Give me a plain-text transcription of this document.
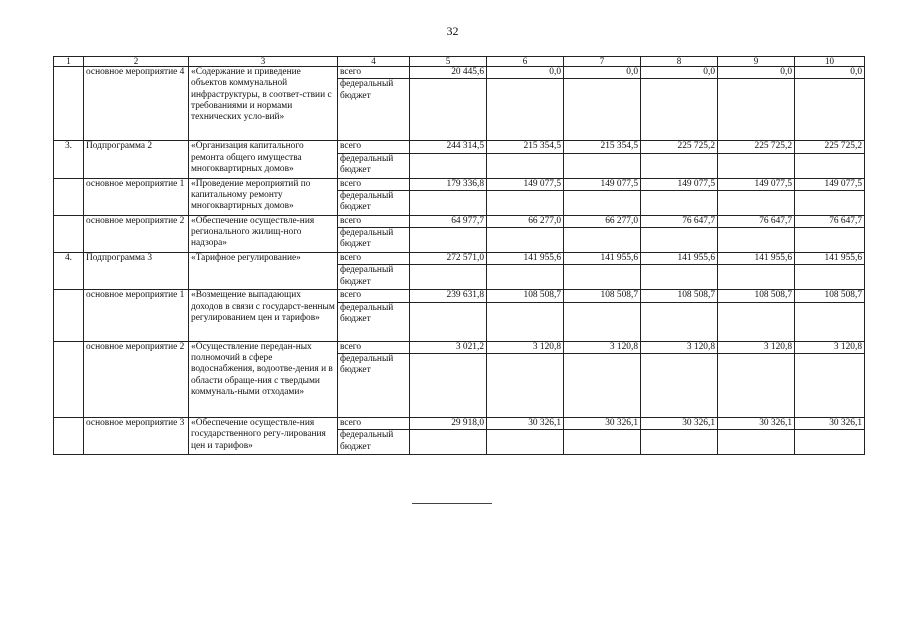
32
1	2	3	4	5	6	7	8	9	10
	основное мероприятие 4	«Содержание и приведение объектов коммунальной инфраструктуры, в соответ-ствии с требованиями и нормами технических усло-вий»	всего	20 445,6	0,0	0,0	0,0	0,0	0,0
			федеральный бюджет						
3.	Подпрограмма 2	«Организация капитального ремонта общего имущества многоквартирных домов»	всего	244 314,5	215 354,5	215 354,5	225 725,2	225 725,2	225 725,2
			федеральный бюджет						
	основное мероприятие 1	«Проведение мероприятий по капитальному ремонту многоквартирных домов»	всего	179 336,8	149 077,5	149 077,5	149 077,5	149 077,5	149 077,5
			федеральный бюджет						
	основное мероприятие 2	«Обеспечение осуществле-ния регионального жилищ-ного надзора»	всего	64 977,7	66 277,0	66 277,0	76 647,7	76 647,7	76 647,7
			федеральный бюджет						
4.	Подпрограмма 3	«Тарифное регулирование»	всего	272 571,0	141 955,6	141 955,6	141 955,6	141 955,6	141 955,6
			федеральный бюджет						
	основное мероприятие 1	«Возмещение выпадающих доходов в связи с государст-венным регулированием цен и тарифов»	всего	239 631,8	108 508,7	108 508,7	108 508,7	108 508,7	108 508,7
			федеральный бюджет						
	основное мероприятие 2	«Осуществление передан-ных полномочий в сфере водоснабжения, водоотве-дения и в области обраще-ния с твердыми коммуналь-ными отходами»	всего	3 021,2	3 120,8	3 120,8	3 120,8	3 120,8	3 120,8
			федеральный бюджет						
	основное мероприятие 3	«Обеспечение осуществле-ния государственного регу-лирования цен и тарифов»	всего	29 918,0	30 326,1	30 326,1	30 326,1	30 326,1	30 326,1
			федеральный бюджет						
